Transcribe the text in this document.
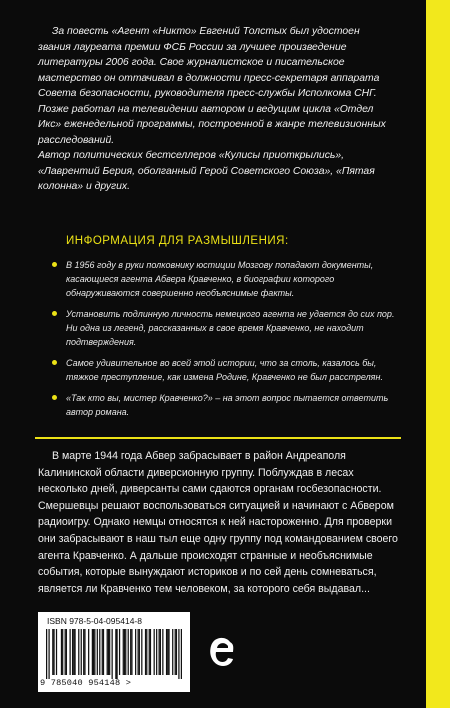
За повесть «Агент «Никто» Евгений Толстых был удостоен звания лауреата премии ФСБ России за лучшее произведение литературы 2006 года. Свое журналистское и писательское мастерство он оттачивал в должности пресс-секретаря аппарата Совета безопасности, руководителя пресс-службы Исполкома СНГ. Позже работал на телевидении автором и ведущим цикла «Отдел Икс» еженедельной программы, построенной в жанре телевизионных расследований.

Автор политических бестселлеров «Кулисы приоткрылись», «Лаврентий Берия, оболганный Герой Советского Союза», «Пятая колонна» и других.

ИНФОРМАЦИЯ ДЛЯ РАЗМЫШЛЕНИЯ:
В 1956 году в руки полковнику юстиции Мозгову попадают документы, касающиеся агента Абвера Кравченко, в биографии которого обнаруживаются совершенно необъяснимые факты.
Установить подлинную личность немецкого агента не удается до сих пор. Ни одна из легенд, рассказанных в свое время Кравченко, не находит подтверждения.
Самое удивительное во всей этой истории, что за столь, казалось бы, тяжкое преступление, как измена Родине, Кравченко не был расстрелян.
«Так кто вы, мистер Кравченко?» – на этот вопрос пытается ответить автор романа.

В марте 1944 года Абвер забрасывает в район Андреаполя Калининской области диверсионную группу. Поблуждав в лесах несколько дней, диверсанты сами сдаются органам госбезопасности. Смершевцы решают воспользоваться ситуацией и начинают с Абвером радиоигру. Однако немцы относятся к ней настороженно. Для проверки они забрасывают в наш тыл еще одну группу под командованием своего агента Кравченко. А дальше происходят странные и необъяснимые события, которые вынуждают историков и по сей день сомневаться, является ли Кравченко тем человеком, за которого себя выдавал...

ISBN 978-5-04-095414-8
9 785040 954148 >
